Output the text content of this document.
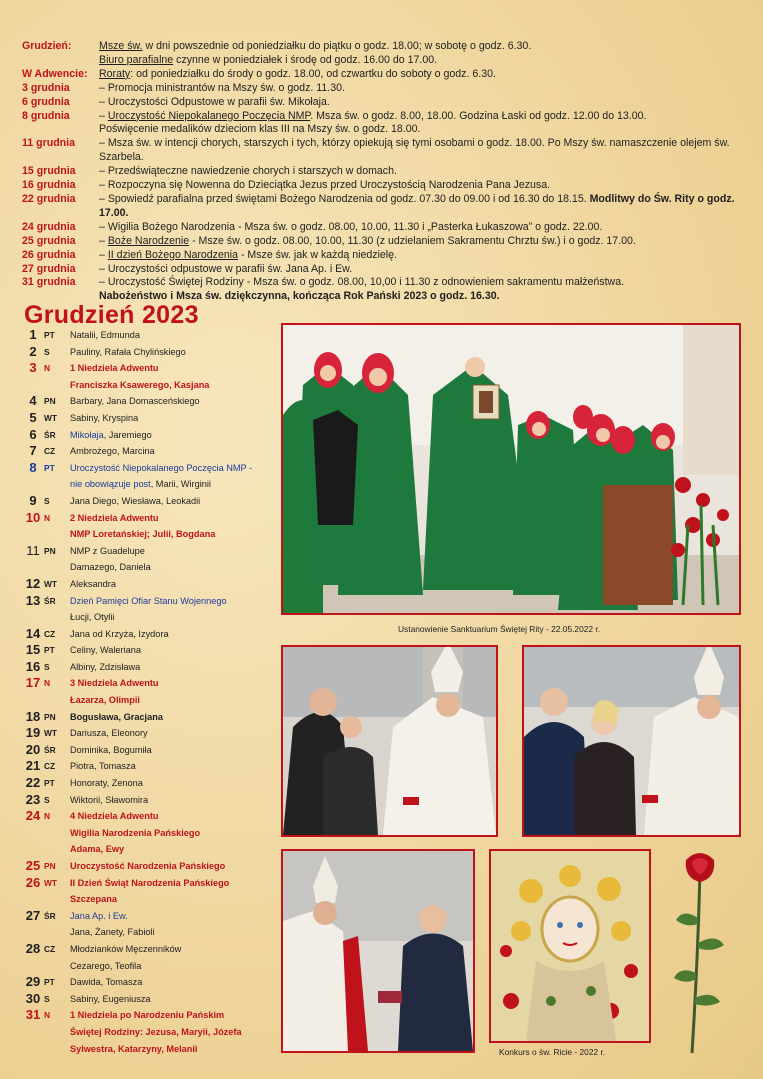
Grudzień:	Msze św. w dni powszednie od poniedziałku do piątku o godz. 18.00; w sobotę o godz. 6.30.
Biuro parafialne czynne w poniedziałek i środę od godz. 16.00 do 17.00.
W Adwencie:	Roraty: od poniedziałku do środy o godz. 18.00, od czwartku do soboty o godz. 6.30.
3 grudnia	– Promocja ministrantów na Mszy św. o godz. 11.30.
6 grudnia	– Uroczystości Odpustowe w parafii św. Mikołaja.
8 grudnia	– Uroczystość Niepokalanego Poczęcia NMP. Msza św. o godz. 8.00, 18.00. Godzina Łaski od godz. 12.00 do 13.00.
Poświęcenie medalików dzieciom klas III na Mszy św. o godz. 18.00.
11 grudnia	– Msza św. w intencji chorych, starszych i tych, którzy opiekują się tymi osobami o godz. 18.00. Po Mszy św. namaszczenie olejem św. Szarbela.
15 grudnia	– Przedświąteczne nawiedzenie chorych i starszych w domach.
16 grudnia	– Rozpoczyna się Nowenna do Dzieciątka Jezus przed Uroczystością Narodzenia Pana Jezusa.
22 grudnia	– Spowiedź parafialna przed świętami Bożego Narodzenia od godz. 07.30 do 09.00 i od 16.30 do 18.15. Modlitwy do Św. Rity o godz. 17.00.
24 grudnia	– Wigilia Bożego Narodzenia - Msza św. o godz. 08.00, 10.00, 11.30 i „Pasterka Łukaszowa” o godz. 22.00.
25 grudnia	– Boże Narodzenie - Msze św. o godz. 08.00, 10.00, 11.30 (z udzielaniem Sakramentu Chrztu św.) i o godz. 17.00.
26 grudnia	– II dzień Bożego Narodzenia - Msze św. jak w każdą niedzielę.
27 grudnia	– Uroczystości odpustowe w parafii św. Jana Ap. i Ew.
31 grudnia	– Uroczystość Świętej Rodziny - Msza św. o godz. 08.00, 10,00 i 11.30 z odnowieniem sakramentu małżeństwa.
Nabożeństwo i Msza św. dziękczynna, kończąca Rok Pański 2023 o godz. 16.30.
Grudzień 2023
1 PT	Natalii, Edmunda
2 S	Pauliny, Rafała Chylińskiego
3 N	1 Niedziela Adwentu
Franciszka Ksawerego, Kasjana
4 PN	Barbary, Jana Domasceńskiego
5 WT	Sabiny, Kryspina
6 ŚR	Mikołaja, Jaremiego
7 CZ	Ambrożego, Marcina
8 PT	Uroczystość Niepokalanego Poczęcia NMP -
nie obowiązuje post, Marii, Wirginii
9 S	Jana Diego, Wiesława, Leokadii
10 N	2 Niedziela Adwentu
NMP Loretańskiej; Julii, Bogdana
11 PN	NMP z Guadelupe
Damazego, Daniela
12 WT	Aleksandra
13 ŚR	Dzień Pamięci Ofiar Stanu Wojennego
Łucji, Otylii
14 CZ	Jana od Krzyża, Izydora
15 PT	Celiny, Waleriana
16 S	Albiny, Zdzisława
17 N	3 Niedziela Adwentu
Łazarza, Olimpii
18 PN	Bogusława, Gracjana
19 WT	Dariusza, Eleonory
20 ŚR	Dominika, Bogumiła
21 CZ	Piotra, Tomasza
22 PT	Honoraty, Zenona
23 S	Wiktorii, Sławomira
24 N	4 Niedziela Adwentu
Wigilia Narodzenia Pańskiego
Adama, Ewy
25 PN	Uroczystość Narodzenia Pańskiego
26 WT	II Dzień Świąt Narodzenia Pańskiego
Szczepana
27 ŚR	Jana Ap. i Ew.
Jana, Żanety, Fabioli
28 CZ	Młodzianków Męczenników
Cezarego, Teofila
29 PT	Dawida, Tomasza
30 S	Sabiny, Eugeniusza
31 N	1 Niedziela po Narodzeniu Pańskim
Świętej Rodziny: Jezusa, Maryii, Józefa
Sylwestra, Katarzyny, Melanii
Ustanowienie Sanktuarium Świętej Rity - 22.05.2022 r.
Konkurs o św. Ricie - 2022 r.
